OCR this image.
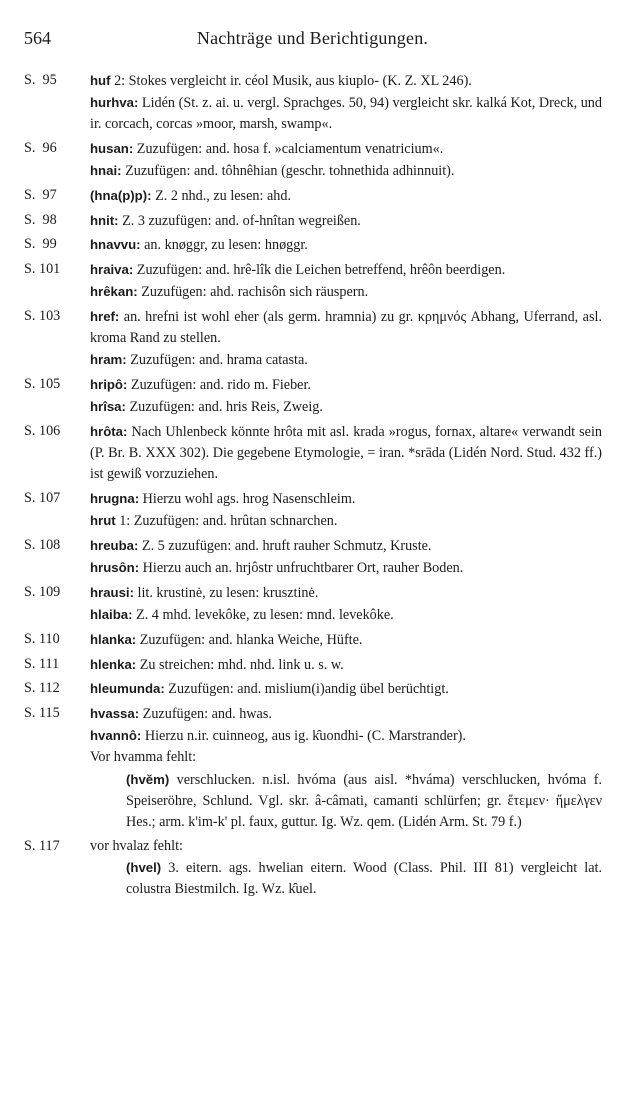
564	Nachträge und Berichtigungen.
S.  95	huf 2: Stokes vergleicht ir. céol Musik, aus kiuplo- (K. Z. XL 246).

hurhva: Lidén (St. z. ai. u. vergl. Sprachges. 50, 94) vergleicht skr. kalká Kot, Dreck, und ir. corcach, corcas »moor, marsh, swamp«.

S.  96	husan: Zuzufügen: and. hosa f. »calciamentum venatricium«.

hnai: Zuzufügen: and. tôhnêhian (geschr. tohnethida adhinnuit).

S.  97	(hna(p)p): Z. 2 nhd., zu lesen: ahd.

S.  98	hnit: Z. 3 zuzufügen: and. of-hnîtan wegreißen.

S.  99	hnavvu: an. knøggr, zu lesen: hnøggr.

S. 101	hraiva: Zuzufügen: and. hrê-lîk die Leichen betreffend, hrêôn beerdigen.

hrêkan: Zuzufügen: ahd. rachisôn sich räuspern.

S. 103	href: an. hrefni ist wohl eher (als germ. hramnia) zu gr. κρημνός Abhang, Uferrand, asl. kroma Rand zu stellen.

hram: Zuzufügen: and. hrama catasta.

S. 105	hripô: Zuzufügen: and. rido m. Fieber.

hrîsa: Zuzufügen: and. hris Reis, Zweig.

S. 106	hrôta: Nach Uhlenbeck könnte hrôta mit asl. krada »rogus, fornax, altare« verwandt sein (P. Br. B. XXX 302). Die gegebene Etymologie, = iran. *srāda (Lidén Nord. Stud. 432 ff.) ist gewiß vorzuziehen.

S. 107	hrugna: Hierzu wohl ags. hrog Nasenschleim.

hrut 1: Zuzufügen: and. hrûtan schnarchen.

S. 108	hreuba: Z. 5 zuzufügen: and. hruft rauher Schmutz, Kruste.

hrusôn: Hierzu auch an. hrjôstr unfruchtbarer Ort, rauher Boden.

S. 109	hrausi: lit. krustinė, zu lesen: krusztinė.

hlaiba: Z. 4 mhd. levekôke, zu lesen: mnd. levekôke.

S. 110	hlanka: Zuzufügen: and. hlanka Weiche, Hüfte.

S. 111	hlenka: Zu streichen: mhd. nhd. link u. s. w.

S. 112	hleumunda: Zuzufügen: and. mislium(i)andig übel berüchtigt.

S. 115	hvassa: Zuzufügen: and. hwas.

hvannô: Hierzu n.ir. cuinneog, aus ig. k̑uondhi- (C. Marstrander).

Vor hvamma fehlt:

(hvĕm) verschlucken. n.isl. hvóma (aus aisl. *hváma) verschlucken, hvóma f. Speiseröhre, Schlund. Vgl. skr. â-câmati, camanti schlürfen; gr. ἔτεμεν· ἤμελγεν Hes.; arm. k'im-k' pl. faux, guttur. Ig. Wz. qem. (Lidén Arm. St. 79 f.)

S. 117	vor hvalaz fehlt:

(hvel) 3. eitern. ags. hwelian eitern. Wood (Class. Phil. III 81) vergleicht lat. colustra Biestmilch. Ig. Wz. k̑uel.
